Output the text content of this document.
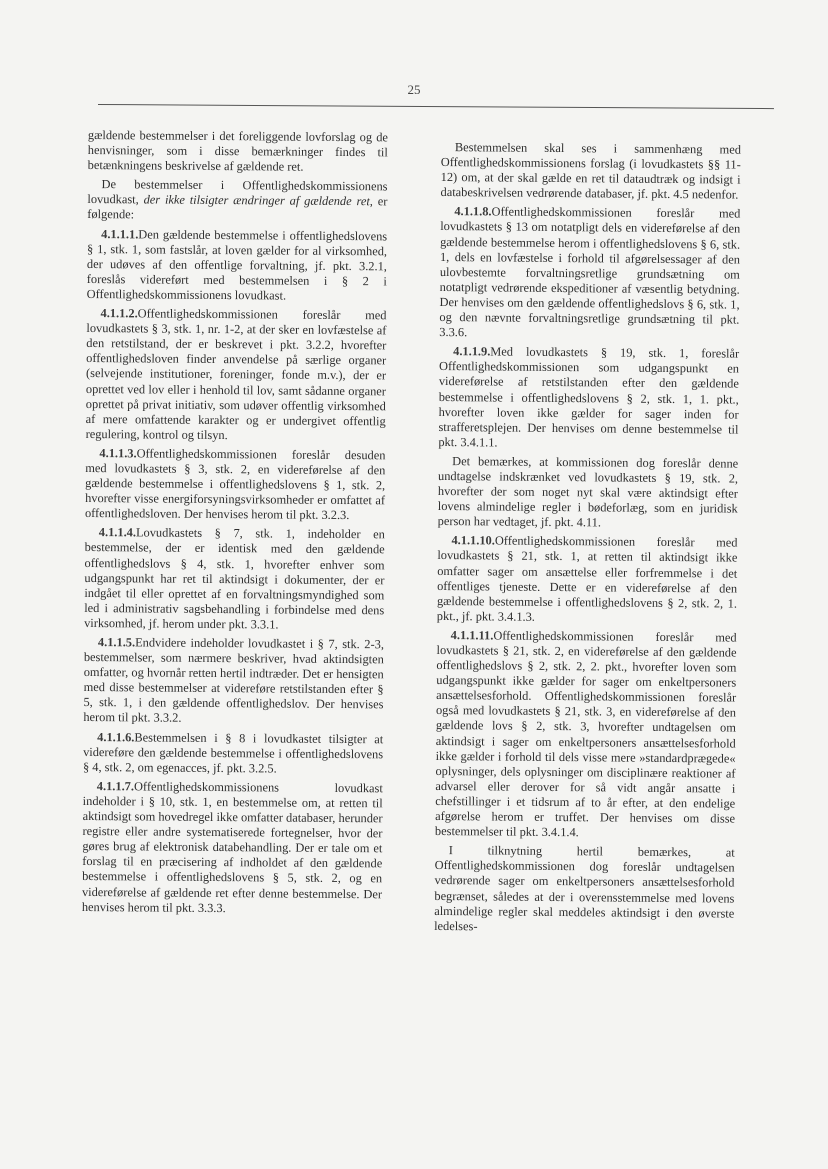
25

gældende bestemmelser i det foreliggende lovforslag og de henvisninger, som i disse bemærkninger findes til betænkningens beskrivelse af gældende ret.

De bestemmelser i Offentlighedskommissionens lovudkast, der ikke tilsigter ændringer af gældende ret, er følgende:

4.1.1.1.Den gældende bestemmelse i offentlighedslovens § 1, stk. 1, som fastslår, at loven gælder for al virksomhed, der udøves af den offentlige forvaltning, jf. pkt. 3.2.1, foreslås videreført med bestemmelsen i § 2 i Offentlighedskommissionens lovudkast.

4.1.1.2.Offentlighedskommissionen foreslår med lovudkastets § 3, stk. 1, nr. 1-2, at der sker en lovfæstelse af den retstilstand, der er beskrevet i pkt. 3.2.2, hvorefter offentlighedsloven finder anvendelse på særlige organer (selvejende institutioner, foreninger, fonde m.v.), der er oprettet ved lov eller i henhold til lov, samt sådanne organer oprettet på privat initiativ, som udøver offentlig virksomhed af mere omfattende karakter og er undergivet offentlig regulering, kontrol og tilsyn.

4.1.1.3.Offentlighedskommissionen foreslår desuden med lovudkastets § 3, stk. 2, en videreførelse af den gældende bestemmelse i offentlighedslovens § 1, stk. 2, hvorefter visse energiforsyningsvirksomheder er omfattet af offentlighedsloven. Der henvises herom til pkt. 3.2.3.

4.1.1.4.Lovudkastets § 7, stk. 1, indeholder en bestemmelse, der er identisk med den gældende offentlighedslovs § 4, stk. 1, hvorefter enhver som udgangspunkt har ret til aktindsigt i dokumenter, der er indgået til eller oprettet af en forvaltningsmyndighed som led i administrativ sagsbehandling i forbindelse med dens virksomhed, jf. herom under pkt. 3.3.1.

4.1.1.5.Endvidere indeholder lovudkastet i § 7, stk. 2-3, bestemmelser, som nærmere beskriver, hvad aktindsigten omfatter, og hvornår retten hertil indtræder. Det er hensigten med disse bestemmelser at videreføre retstilstanden efter § 5, stk. 1, i den gældende offentlighedslov. Der henvises herom til pkt. 3.3.2.

4.1.1.6.Bestemmelsen i § 8 i lovudkastet tilsigter at videreføre den gældende bestemmelse i offentlighedslovens § 4, stk. 2, om egenacces, jf. pkt. 3.2.5.

4.1.1.7.Offentlighedskommissionens lovudkast indeholder i § 10, stk. 1, en bestemmelse om, at retten til aktindsigt som hovedregel ikke omfatter databaser, herunder registre eller andre systematiserede fortegnelser, hvor der gøres brug af elektronisk databehandling. Der er tale om et forslag til en præcisering af indholdet af den gældende bestemmelse i offentlighedslovens § 5, stk. 2, og en videreførelse af gældende ret efter denne bestemmelse. Der henvises herom til pkt. 3.3.3.

Bestemmelsen skal ses i sammenhæng med Offentlighedskommissionens forslag (i lovudkastets §§ 11-12) om, at der skal gælde en ret til dataudtræk og indsigt i databeskrivelsen vedrørende databaser, jf. pkt. 4.5 nedenfor.

4.1.1.8.Offentlighedskommissionen foreslår med lovudkastets § 13 om notatpligt dels en videreførelse af den gældende bestemmelse herom i offentlighedslovens § 6, stk. 1, dels en lovfæstelse i forhold til afgørelsessager af den ulovbestemte forvaltningsretlige grundsætning om notatpligt vedrørende ekspeditioner af væsentlig betydning. Der henvises om den gældende offentlighedslovs § 6, stk. 1, og den nævnte forvaltningsretlige grundsætning til pkt. 3.3.6.

4.1.1.9.Med lovudkastets § 19, stk. 1, foreslår Offentlighedskommissionen som udgangspunkt en videreførelse af retstilstanden efter den gældende bestemmelse i offentlighedslovens § 2, stk. 1, 1. pkt., hvorefter loven ikke gælder for sager inden for strafferetsplejen. Der henvises om denne bestemmelse til pkt. 3.4.1.1.

Det bemærkes, at kommissionen dog foreslår denne undtagelse indskrænket ved lovudkastets § 19, stk. 2, hvorefter der som noget nyt skal være aktindsigt efter lovens almindelige regler i bødeforlæg, som en juridisk person har vedtaget, jf. pkt. 4.11.

4.1.1.10.Offentlighedskommissionen foreslår med lovudkastets § 21, stk. 1, at retten til aktindsigt ikke omfatter sager om ansættelse eller forfremmelse i det offentliges tjeneste. Dette er en videreførelse af den gældende bestemmelse i offentlighedslovens § 2, stk. 2, 1. pkt., jf. pkt. 3.4.1.3.

4.1.1.11.Offentlighedskommissionen foreslår med lovudkastets § 21, stk. 2, en videreførelse af den gældende offentlighedslovs § 2, stk. 2, 2. pkt., hvorefter loven som udgangspunkt ikke gælder for sager om enkeltpersoners ansættelsesforhold. Offentlighedskommissionen foreslår også med lovudkastets § 21, stk. 3, en videreførelse af den gældende lovs § 2, stk. 3, hvorefter undtagelsen om aktindsigt i sager om enkeltpersoners ansættelsesforhold ikke gælder i forhold til dels visse mere »standardprægede« oplysninger, dels oplysninger om disciplinære reaktioner af advarsel eller derover for så vidt angår ansatte i chefstillinger i et tidsrum af to år efter, at den endelige afgørelse herom er truffet. Der henvises om disse bestemmelser til pkt. 3.4.1.4.

I tilknytning hertil bemærkes, at Offentlighedskommissionen dog foreslår undtagelsen vedrørende sager om enkeltpersoners ansættelsesforhold begrænset, således at der i overensstemmelse med lovens almindelige regler skal meddeles aktindsigt i den øverste ledelses-
